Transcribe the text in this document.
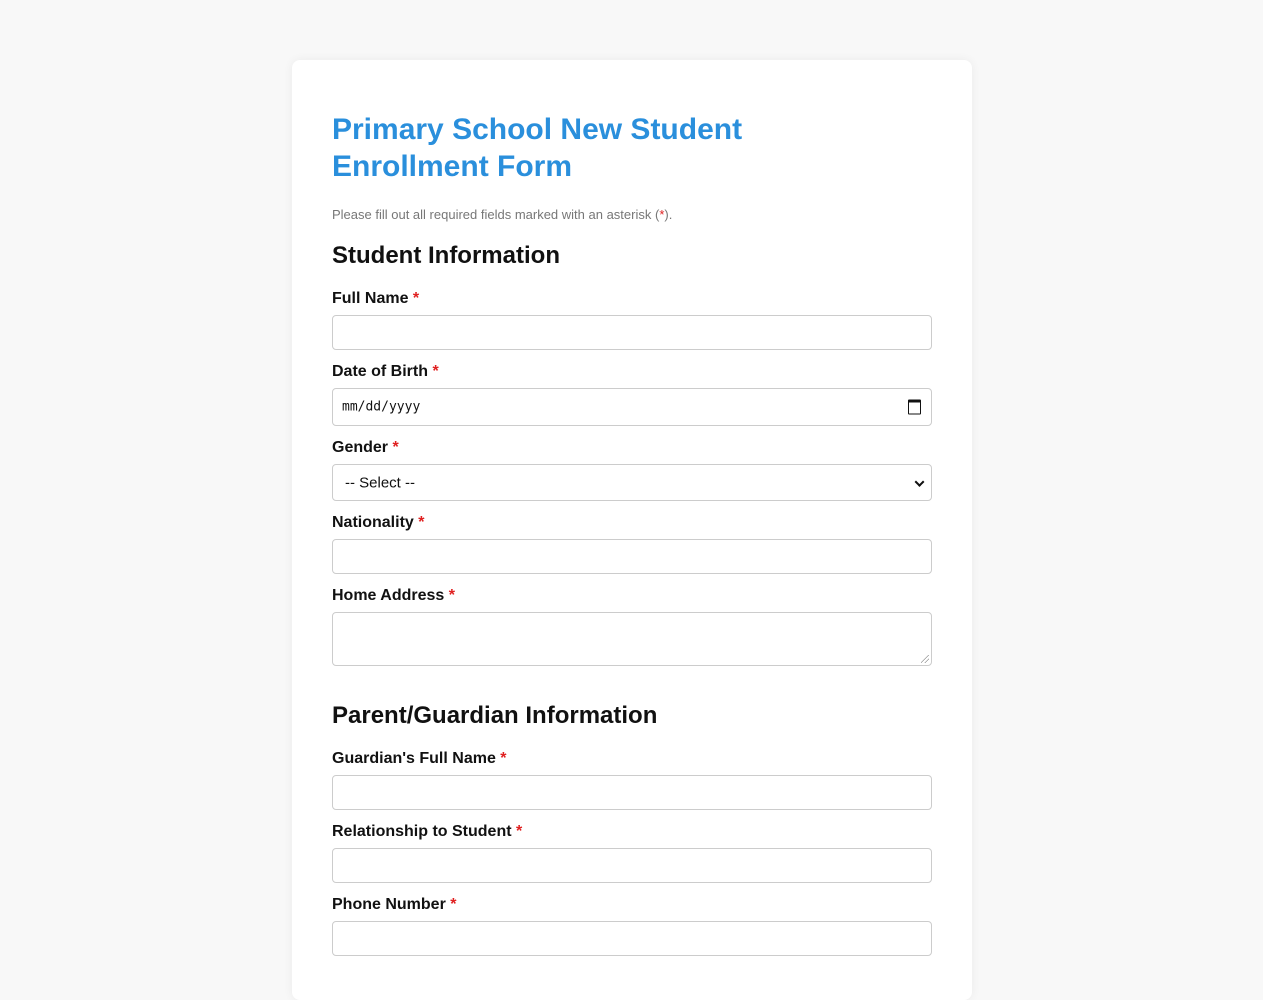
Primary School New Student Enrollment Form

Please fill out all required fields marked with an asterisk (*).

Student Information
Full Name *
Date of Birth *
mm/dd/yyyy
Gender *
-- Select --
Nationality *
Home Address *
Parent/Guardian Information
Guardian's Full Name *
Relationship to Student *
Phone Number *
